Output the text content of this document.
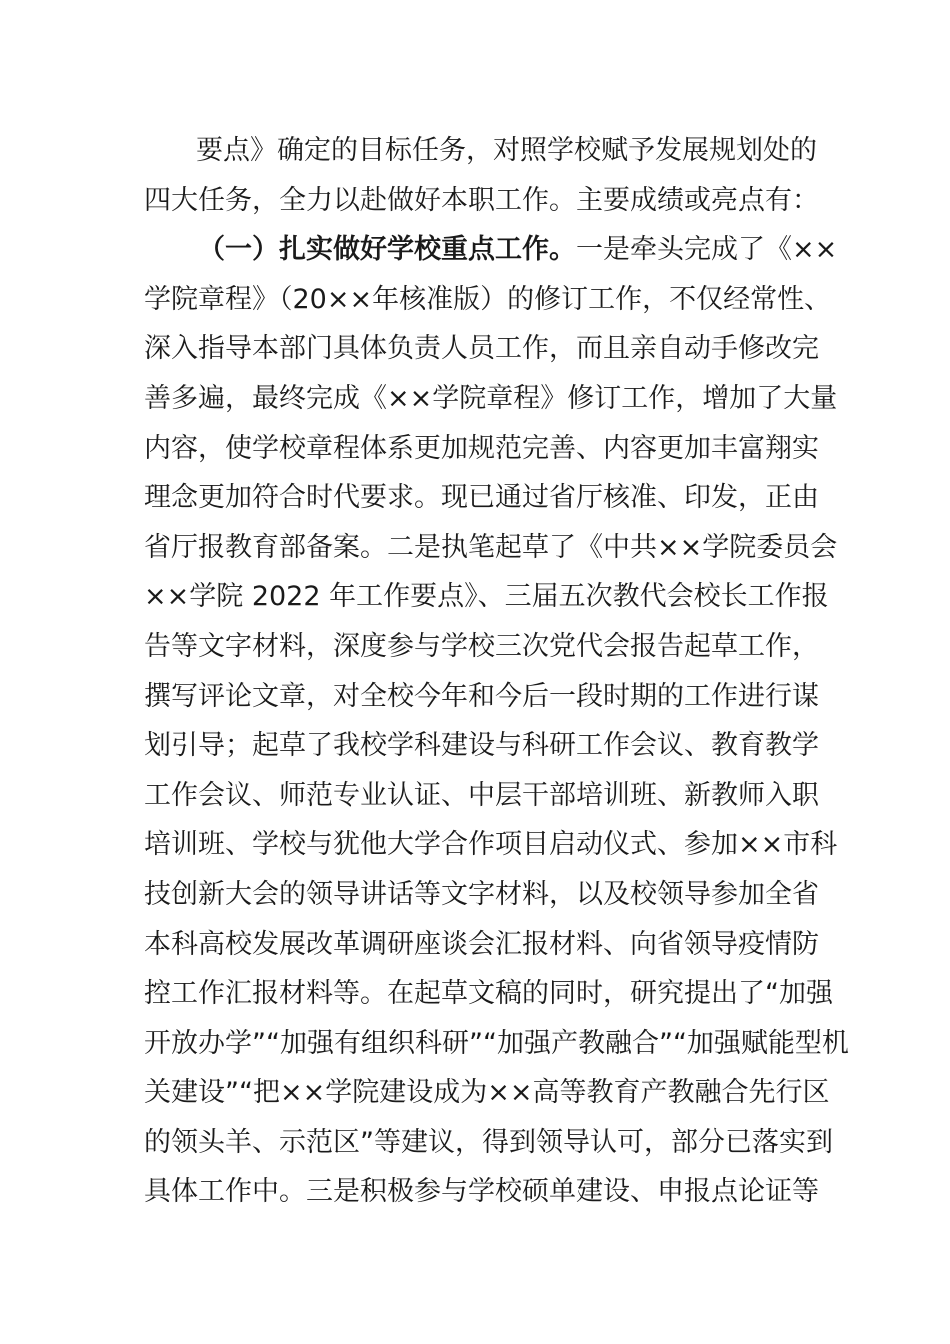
要点》确定的目标任务，对照学校赋予发展规划处的
四大任务，全力以赴做好本职工作。主要成绩或亮点有：
（一）扎实做好学校重点工作。一是牵头完成了《××
学院章程》（20××年核准版）的修订工作，不仅经常性、
深入指导本部门具体负责人员工作，而且亲自动手修改完
善多遍，最终完成《××学院章程》修订工作，增加了大量
内容，使学校章程体系更加规范完善、内容更加丰富翔实
理念更加符合时代要求。现已通过省厅核准、印发，正由
省厅报教育部备案。二是执笔起草了《中共××学院委员会
××学院 2022 年工作要点》、三届五次教代会校长工作报
告等文字材料，深度参与学校三次党代会报告起草工作，
撰写评论文章，对全校今年和今后一段时期的工作进行谋
划引导；起草了我校学科建设与科研工作会议、教育教学
工作会议、师范专业认证、中层干部培训班、新教师入职
培训班、学校与犹他大学合作项目启动仪式、参加××市科
技创新大会的领导讲话等文字材料，以及校领导参加全省
本科高校发展改革调研座谈会汇报材料、向省领导疫情防
控工作汇报材料等。在起草文稿的同时，研究提出了“加强
开放办学”“加强有组织科研”“加强产教融合”“加强赋能型机
关建设”“把××学院建设成为××高等教育产教融合先行区
的领头羊、示范区”等建议，得到领导认可，部分已落实到
具体工作中。三是积极参与学校硕单建设、申报点论证等
